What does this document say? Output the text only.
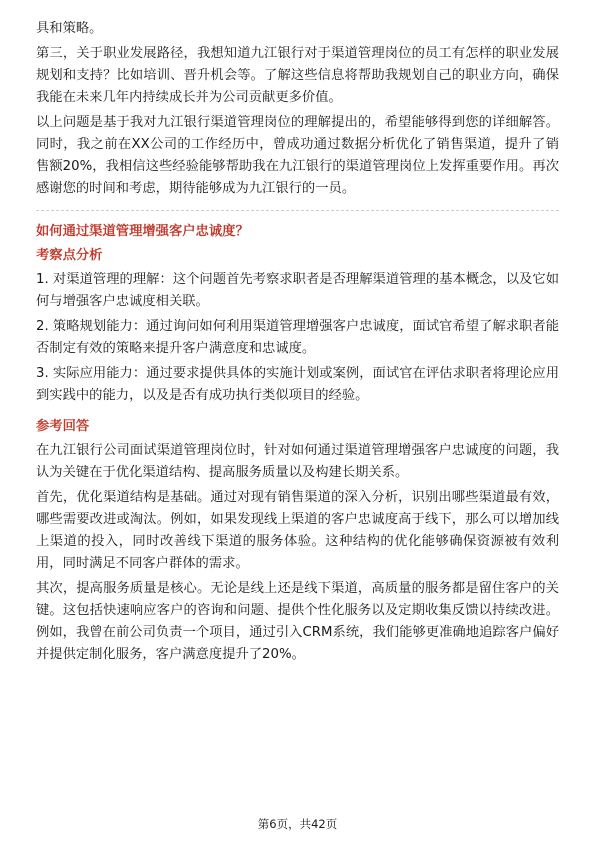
具和策略。

第三，关于职业发展路径，我想知道九江银行对于渠道管理岗位的员工有怎样的职业发展规划和支持？比如培训、晋升机会等。了解这些信息将帮助我规划自己的职业方向，确保我能在未来几年内持续成长并为公司贡献更多价值。

以上问题是基于我对九江银行渠道管理岗位的理解提出的，希望能够得到您的详细解答。同时，我之前在XX公司的工作经历中，曾成功通过数据分析优化了销售渠道，提升了销售额20%，我相信这些经验能够帮助我在九江银行的渠道管理岗位上发挥重要作用。再次感谢您的时间和考虑，期待能够成为九江银行的一员。

如何通过渠道管理增强客户忠诚度？
考察点分析

1. 对渠道管理的理解：这个问题首先考察求职者是否理解渠道管理的基本概念，以及它如何与增强客户忠诚度相关联。

2. 策略规划能力：通过询问如何利用渠道管理增强客户忠诚度，面试官希望了解求职者能否制定有效的策略来提升客户满意度和忠诚度。

3. 实际应用能力：通过要求提供具体的实施计划或案例，面试官在评估求职者将理论应用到实践中的能力，以及是否有成功执行类似项目的经验。

参考回答

在九江银行公司面试渠道管理岗位时，针对如何通过渠道管理增强客户忠诚度的问题，我认为关键在于优化渠道结构、提高服务质量以及构建长期关系。

首先，优化渠道结构是基础。通过对现有销售渠道的深入分析，识别出哪些渠道最有效，哪些需要改进或淘汰。例如，如果发现线上渠道的客户忠诚度高于线下，那么可以增加线上渠道的投入，同时改善线下渠道的服务体验。这种结构的优化能够确保资源被有效利用，同时满足不同客户群体的需求。

其次，提高服务质量是核心。无论是线上还是线下渠道，高质量的服务都是留住客户的关键。这包括快速响应客户的咨询和问题、提供个性化服务以及定期收集反馈以持续改进。例如，我曾在前公司负责一个项目，通过引入CRM系统，我们能够更准确地追踪客户偏好并提供定制化服务，客户满意度提升了20%。

第6页，共42页
